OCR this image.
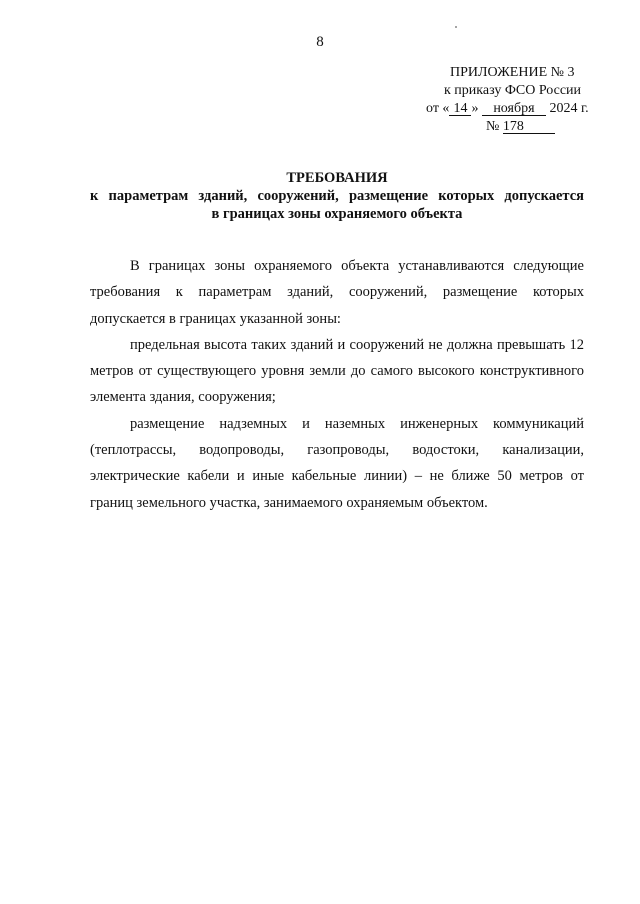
8
ПРИЛОЖЕНИЕ № 3
к приказу ФСО России
от « 14 » ноября 2024 г.
№ 178
ТРЕБОВАНИЯ
к параметрам зданий, сооружений, размещение которых допускается
в границах зоны охраняемого объекта

В границах зоны охраняемого объекта устанавливаются следующие требования к параметрам зданий, сооружений, размещение которых допускается в границах указанной зоны:

предельная высота таких зданий и сооружений не должна превышать 12 метров от существующего уровня земли до самого высокого конструктивного элемента здания, сооружения;

размещение надземных и наземных инженерных коммуникаций (теплотрассы, водопроводы, газопроводы, водостоки, канализации, электрические кабели и иные кабельные линии) – не ближе 50 метров от границ земельного участка, занимаемого охраняемым объектом.
